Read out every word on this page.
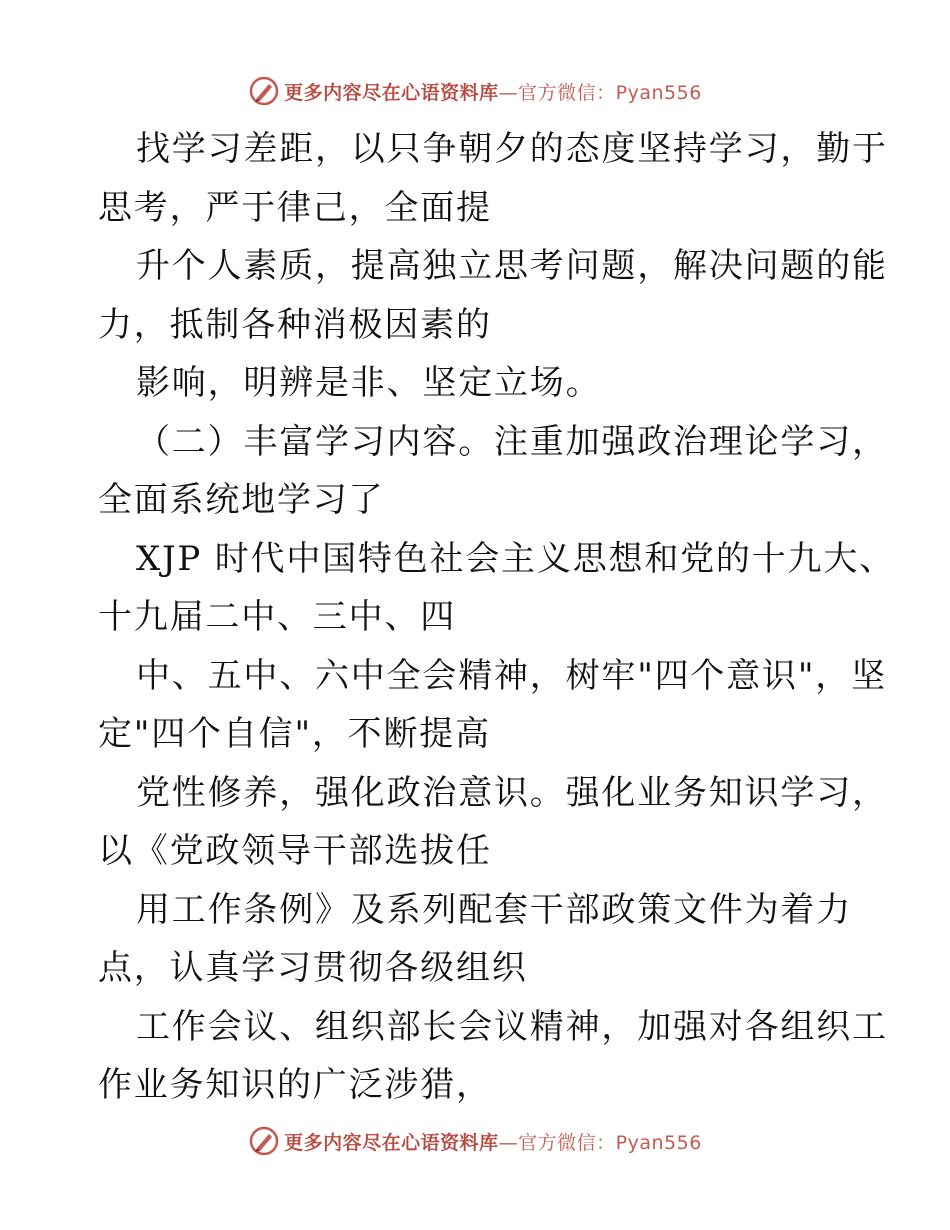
更多内容尽在心语资料库—官方微信：Pyan556
找学习差距，以只争朝夕的态度坚持学习，勤于
思考，严于律己，全面提
升个人素质，提高独立思考问题，解决问题的能
力，抵制各种消极因素的
影响，明辨是非、坚定立场。
（二）丰富学习内容。注重加强政治理论学习，
全面系统地学习了
XJP 时代中国特色社会主义思想和党的十九大、
十九届二中、三中、四
中、五中、六中全会精神，树牢"四个意识"，坚
定"四个自信"，不断提高
党性修养，强化政治意识。强化业务知识学习，
以《党政领导干部选拔任
用工作条例》及系列配套干部政策文件为着力
点，认真学习贯彻各级组织
工作会议、组织部长会议精神，加强对各组织工
作业务知识的广泛涉猎，
更多内容尽在心语资料库—官方微信：Pyan556
